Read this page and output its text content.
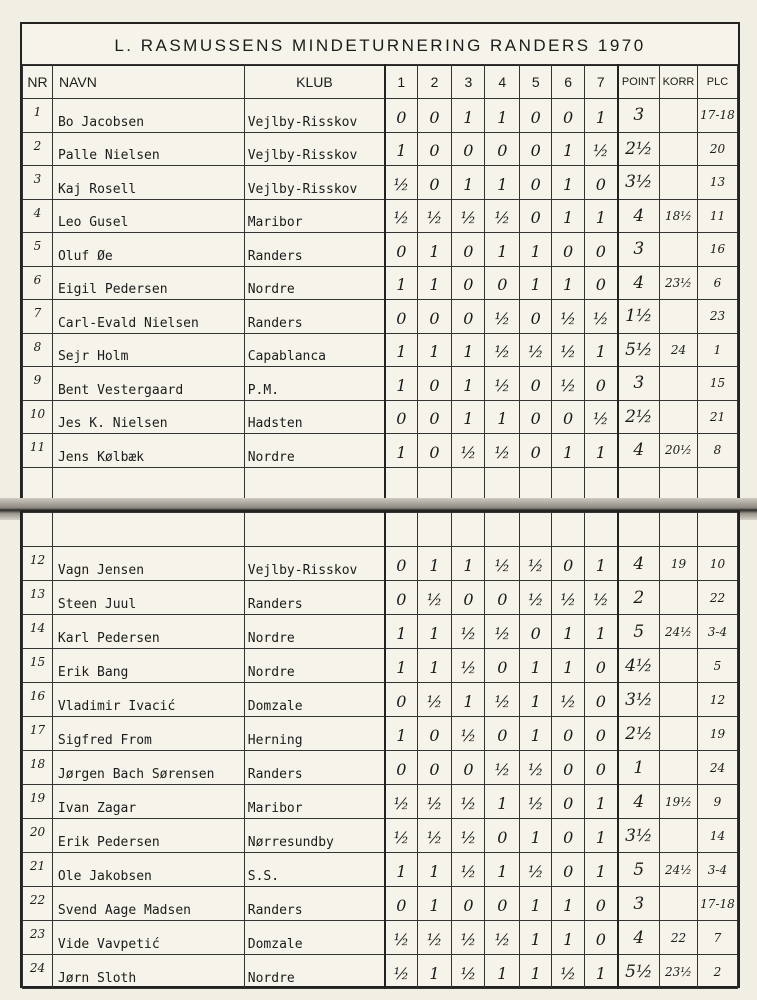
L. RASMUSSENS MINDETURNERING RANDERS 1970
NR	NAVN	KLUB	1	2	3	4	5	6	7	POINT	KORR	PLC
1	Bo Jacobsen	Vejlby-Risskov	0	0	1	1	0	0	1	3		17-18
2	Palle Nielsen	Vejlby-Risskov	1	0	0	0	0	1	½	2½		20
3	Kaj Rosell	Vejlby-Risskov	½	0	1	1	0	1	0	3½		13
4	Leo Gusel	Maribor	½	½	½	½	0	1	1	4	18½	11
5	Oluf Øe	Randers	0	1	0	1	1	0	0	3		16
6	Eigil Pedersen	Nordre	1	1	0	0	1	1	0	4	23½	6
7	Carl-Evald Nielsen	Randers	0	0	0	½	0	½	½	1½		23
8	Sejr Holm	Capablanca	1	1	1	½	½	½	1	5½	24	1
9	Bent Vestergaard	P.M.	1	0	1	½	0	½	0	3		15
10	Jes K. Nielsen	Hadsten	0	0	1	1	0	0	½	2½		21
11	Jens Kølbæk	Nordre	1	0	½	½	0	1	1	4	20½	8

12	Vagn Jensen	Vejlby-Risskov	0	1	1	½	½	0	1	4	19	10
13	Steen Juul	Randers	0	½	0	0	½	½	½	2		22
14	Karl Pedersen	Nordre	1	1	½	½	0	1	1	5	24½	3-4
15	Erik Bang	Nordre	1	1	½	0	1	1	0	4½		5
16	Vladimir Ivacić	Domzale	0	½	1	½	1	½	0	3½		12
17	Sigfred From	Herning	1	0	½	0	1	0	0	2½		19
18	Jørgen Bach Sørensen	Randers	0	0	0	½	½	0	0	1		24
19	Ivan Zagar	Maribor	½	½	½	1	½	0	1	4	19½	9
20	Erik Pedersen	Nørresundby	½	½	½	0	1	0	1	3½		14
21	Ole Jakobsen	S.S.	1	1	½	1	½	0	1	5	24½	3-4
22	Svend Aage Madsen	Randers	0	1	0	0	1	1	0	3		17-18
23	Vide Vavpetić	Domzale	½	½	½	½	1	1	0	4	22	7
24	Jørn Sloth	Nordre	½	1	½	1	1	½	1	5½	23½	2
